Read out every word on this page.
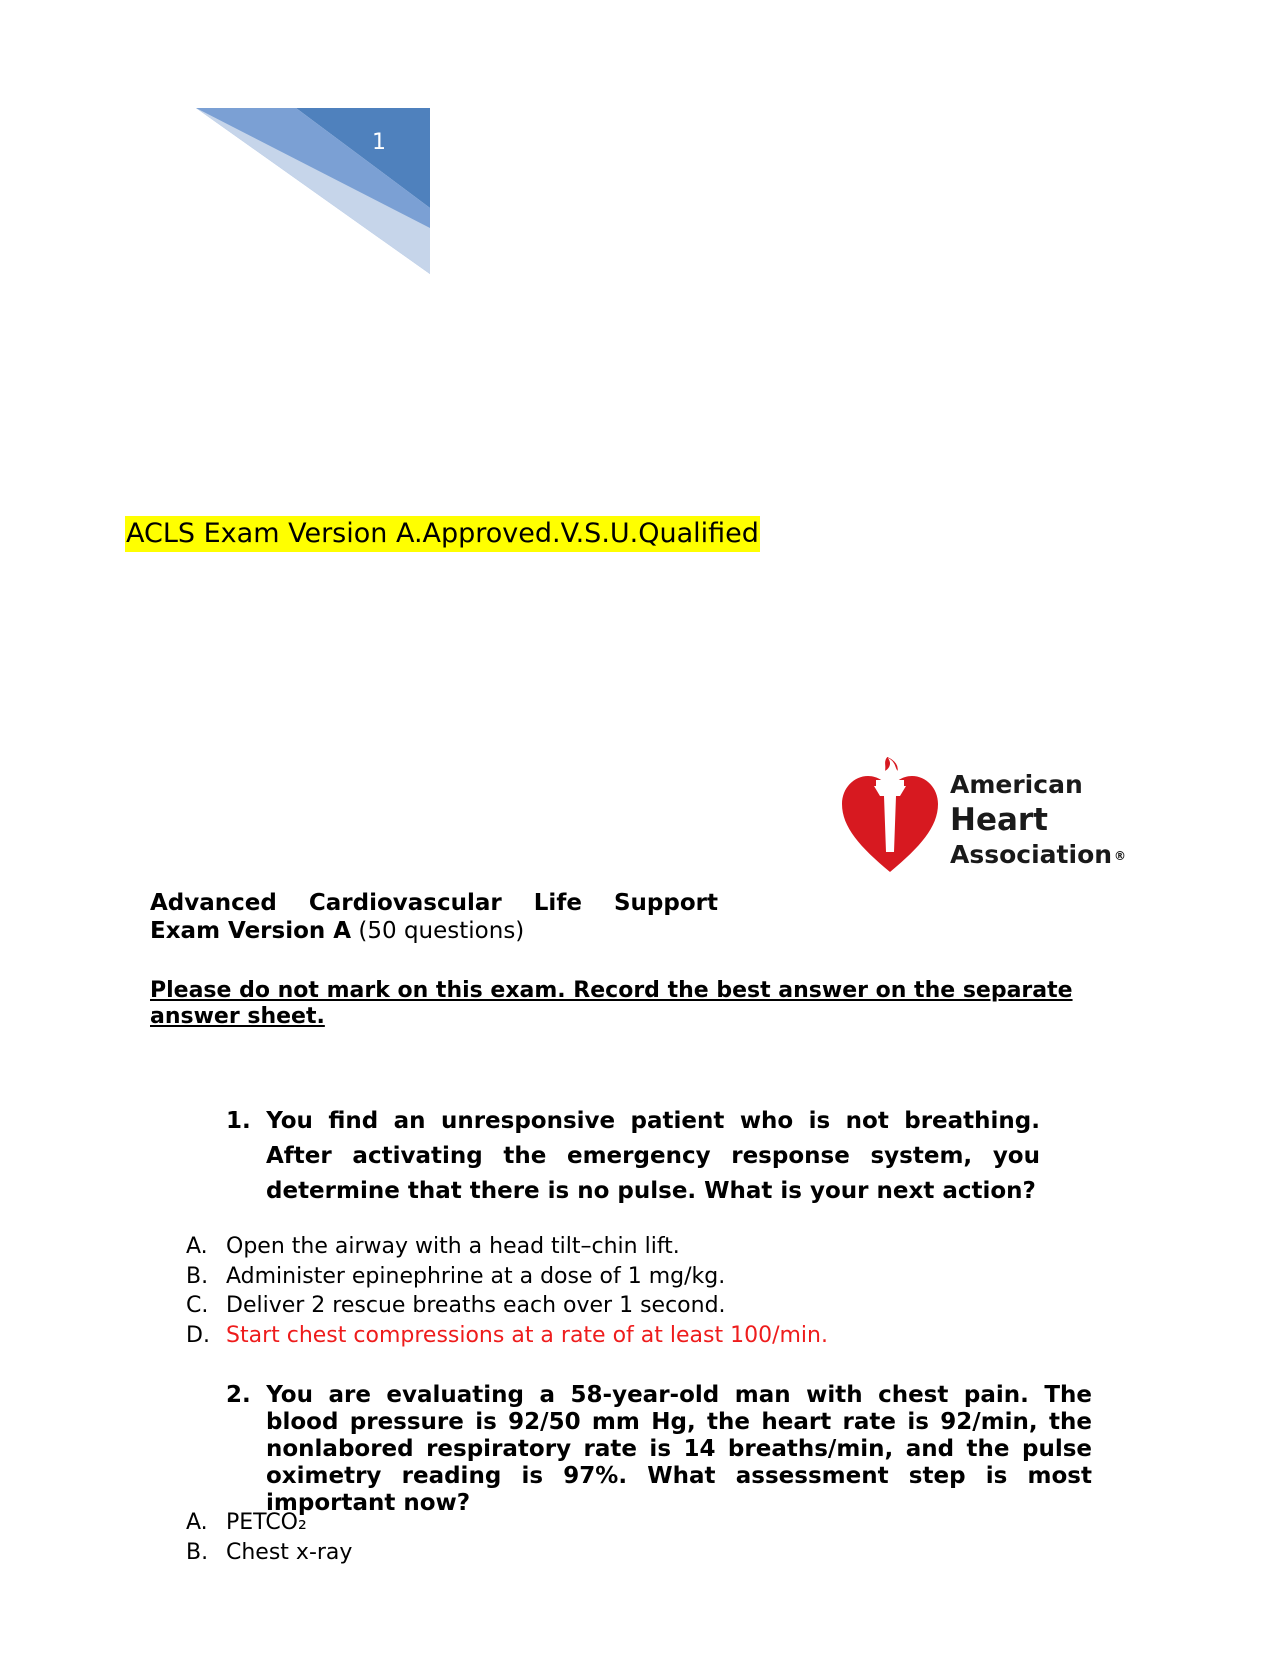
1
ACLS Exam Version A.Approved.V.S.U.Qualified
American
Heart
Association ®
Advanced Cardiovascular Life Support
Exam Version A (50 questions)
Please do not mark on this exam. Record the best answer on the separate answer sheet.
1. You find an unresponsive patient who is not breathing. After activating the emergency response system, you determine that there is no pulse. What is your next action?
A. Open the airway with a head tilt–chin lift.
B. Administer epinephrine at a dose of 1 mg/kg.
C. Deliver 2 rescue breaths each over 1 second.
D. Start chest compressions at a rate of at least 100/min.
2. You are evaluating a 58-year-old man with chest pain. The blood pressure is 92/50 mm Hg, the heart rate is 92/min, the nonlabored respiratory rate is 14 breaths/min, and the pulse oximetry reading is 97%. What assessment step is most important now?
A. PETCO₂
B. Chest x-ray
